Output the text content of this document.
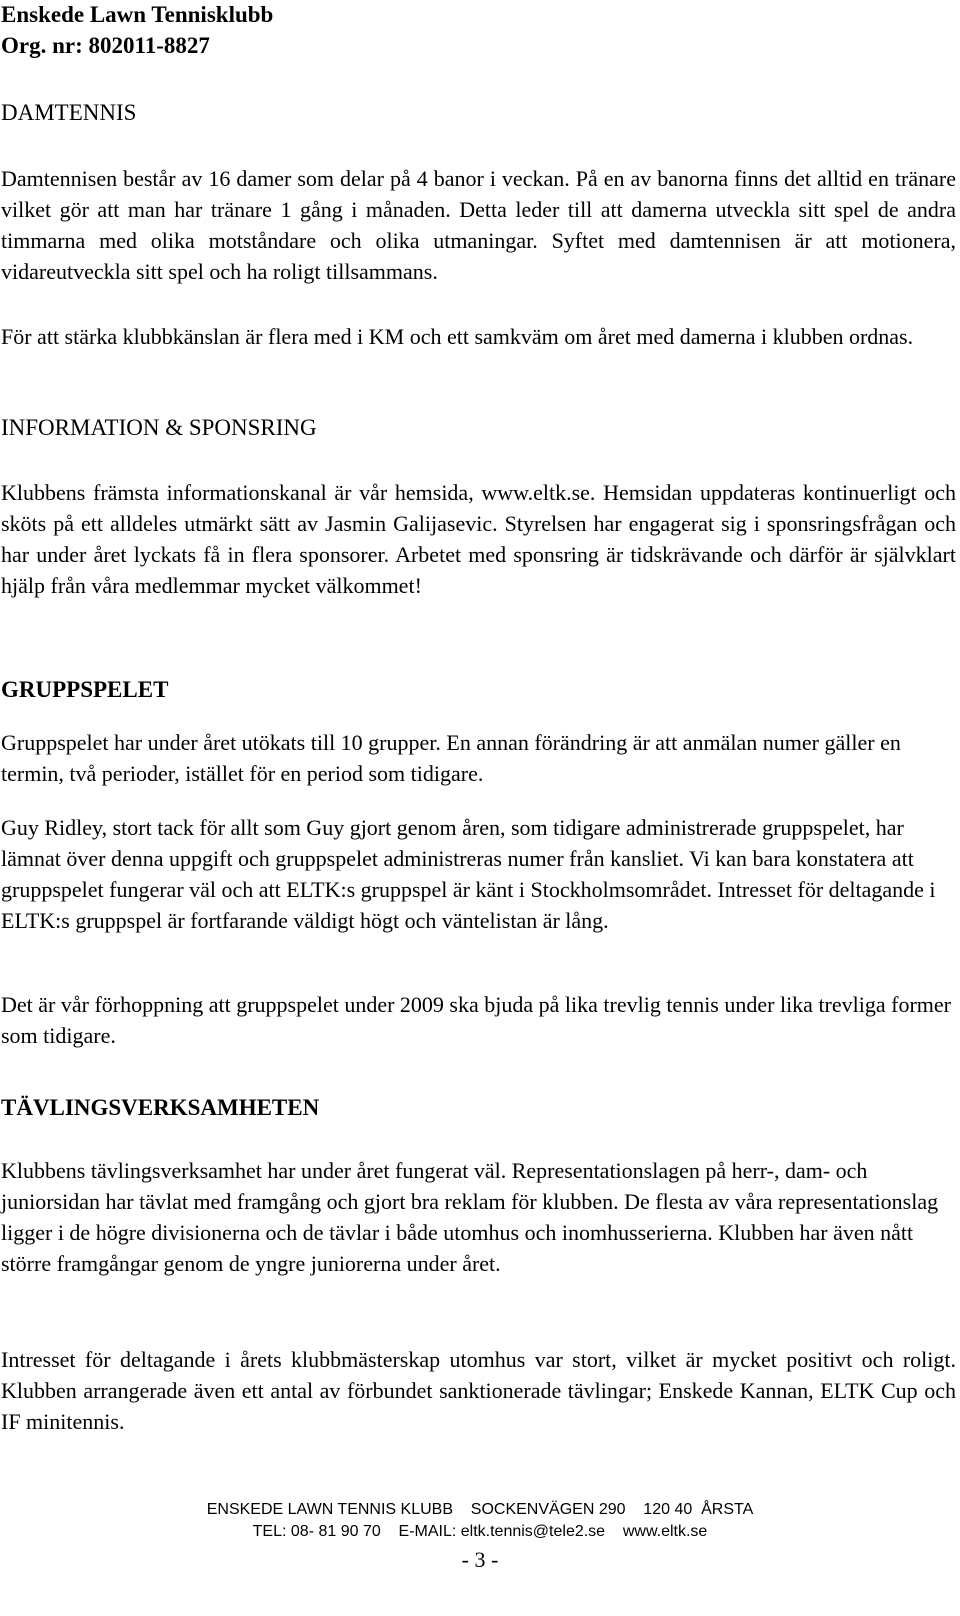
Enskede Lawn Tennisklubb
Org. nr: 802011-8827
DAMTENNIS

Damtennisen består av 16 damer som delar på 4 banor i veckan. På en av banorna finns det alltid en tränare vilket gör att man har tränare 1 gång i månaden. Detta leder till att damerna utveckla sitt spel de andra timmarna med olika motståndare och olika utmaningar. Syftet med damtennisen är att motionera, vidareutveckla sitt spel och ha roligt tillsammans.

För att stärka klubbkänslan är flera med i KM och ett samkväm om året med damerna i klubben ordnas.

INFORMATION & SPONSRING

Klubbens främsta informationskanal är vår hemsida, www.eltk.se. Hemsidan uppdateras kontinuerligt och sköts på ett alldeles utmärkt sätt av Jasmin Galijasevic. Styrelsen har engagerat sig i sponsringsfrågan och har under året lyckats få in flera sponsorer. Arbetet med sponsring är tidskrävande och därför är självklart hjälp från våra medlemmar mycket välkommet!

GRUPPSPELET

Gruppspelet har under året utökats till 10 grupper. En annan förändring är att anmälan numer gäller en termin, två perioder, istället för en period som tidigare.

Guy Ridley, stort tack för allt som Guy gjort genom åren, som tidigare administrerade gruppspelet, har lämnat över denna uppgift och gruppspelet administreras numer från kansliet. Vi kan bara konstatera att gruppspelet fungerar väl och att ELTK:s gruppspel är känt i Stockholmsområdet. Intresset för deltagande i ELTK:s gruppspel är fortfarande väldigt högt och väntelistan är lång.

Det är vår förhoppning att gruppspelet under 2009 ska bjuda på lika trevlig tennis under lika trevliga former som tidigare.

TÄVLINGSVERKSAMHETEN

Klubbens tävlingsverksamhet har under året fungerat väl. Representationslagen på herr-, dam- och juniorsidan har tävlat med framgång och gjort bra reklam för klubben. De flesta av våra representationslag ligger i de högre divisionerna och de tävlar i både utomhus och inomhusserierna. Klubben har även nått större framgångar genom de yngre juniorerna under året.

Intresset för deltagande i årets klubbmästerskap utomhus var stort, vilket är mycket positivt och roligt. Klubben arrangerade även ett antal av förbundet sanktionerade tävlingar; Enskede Kannan, ELTK Cup och IF minitennis.

ENSKEDE LAWN TENNIS KLUBB    SOCKENVÄGEN 290    120 40  ÅRSTA
TEL: 08- 81 90 70    E-MAIL: eltk.tennis@tele2.se    www.eltk.se
- 3 -
